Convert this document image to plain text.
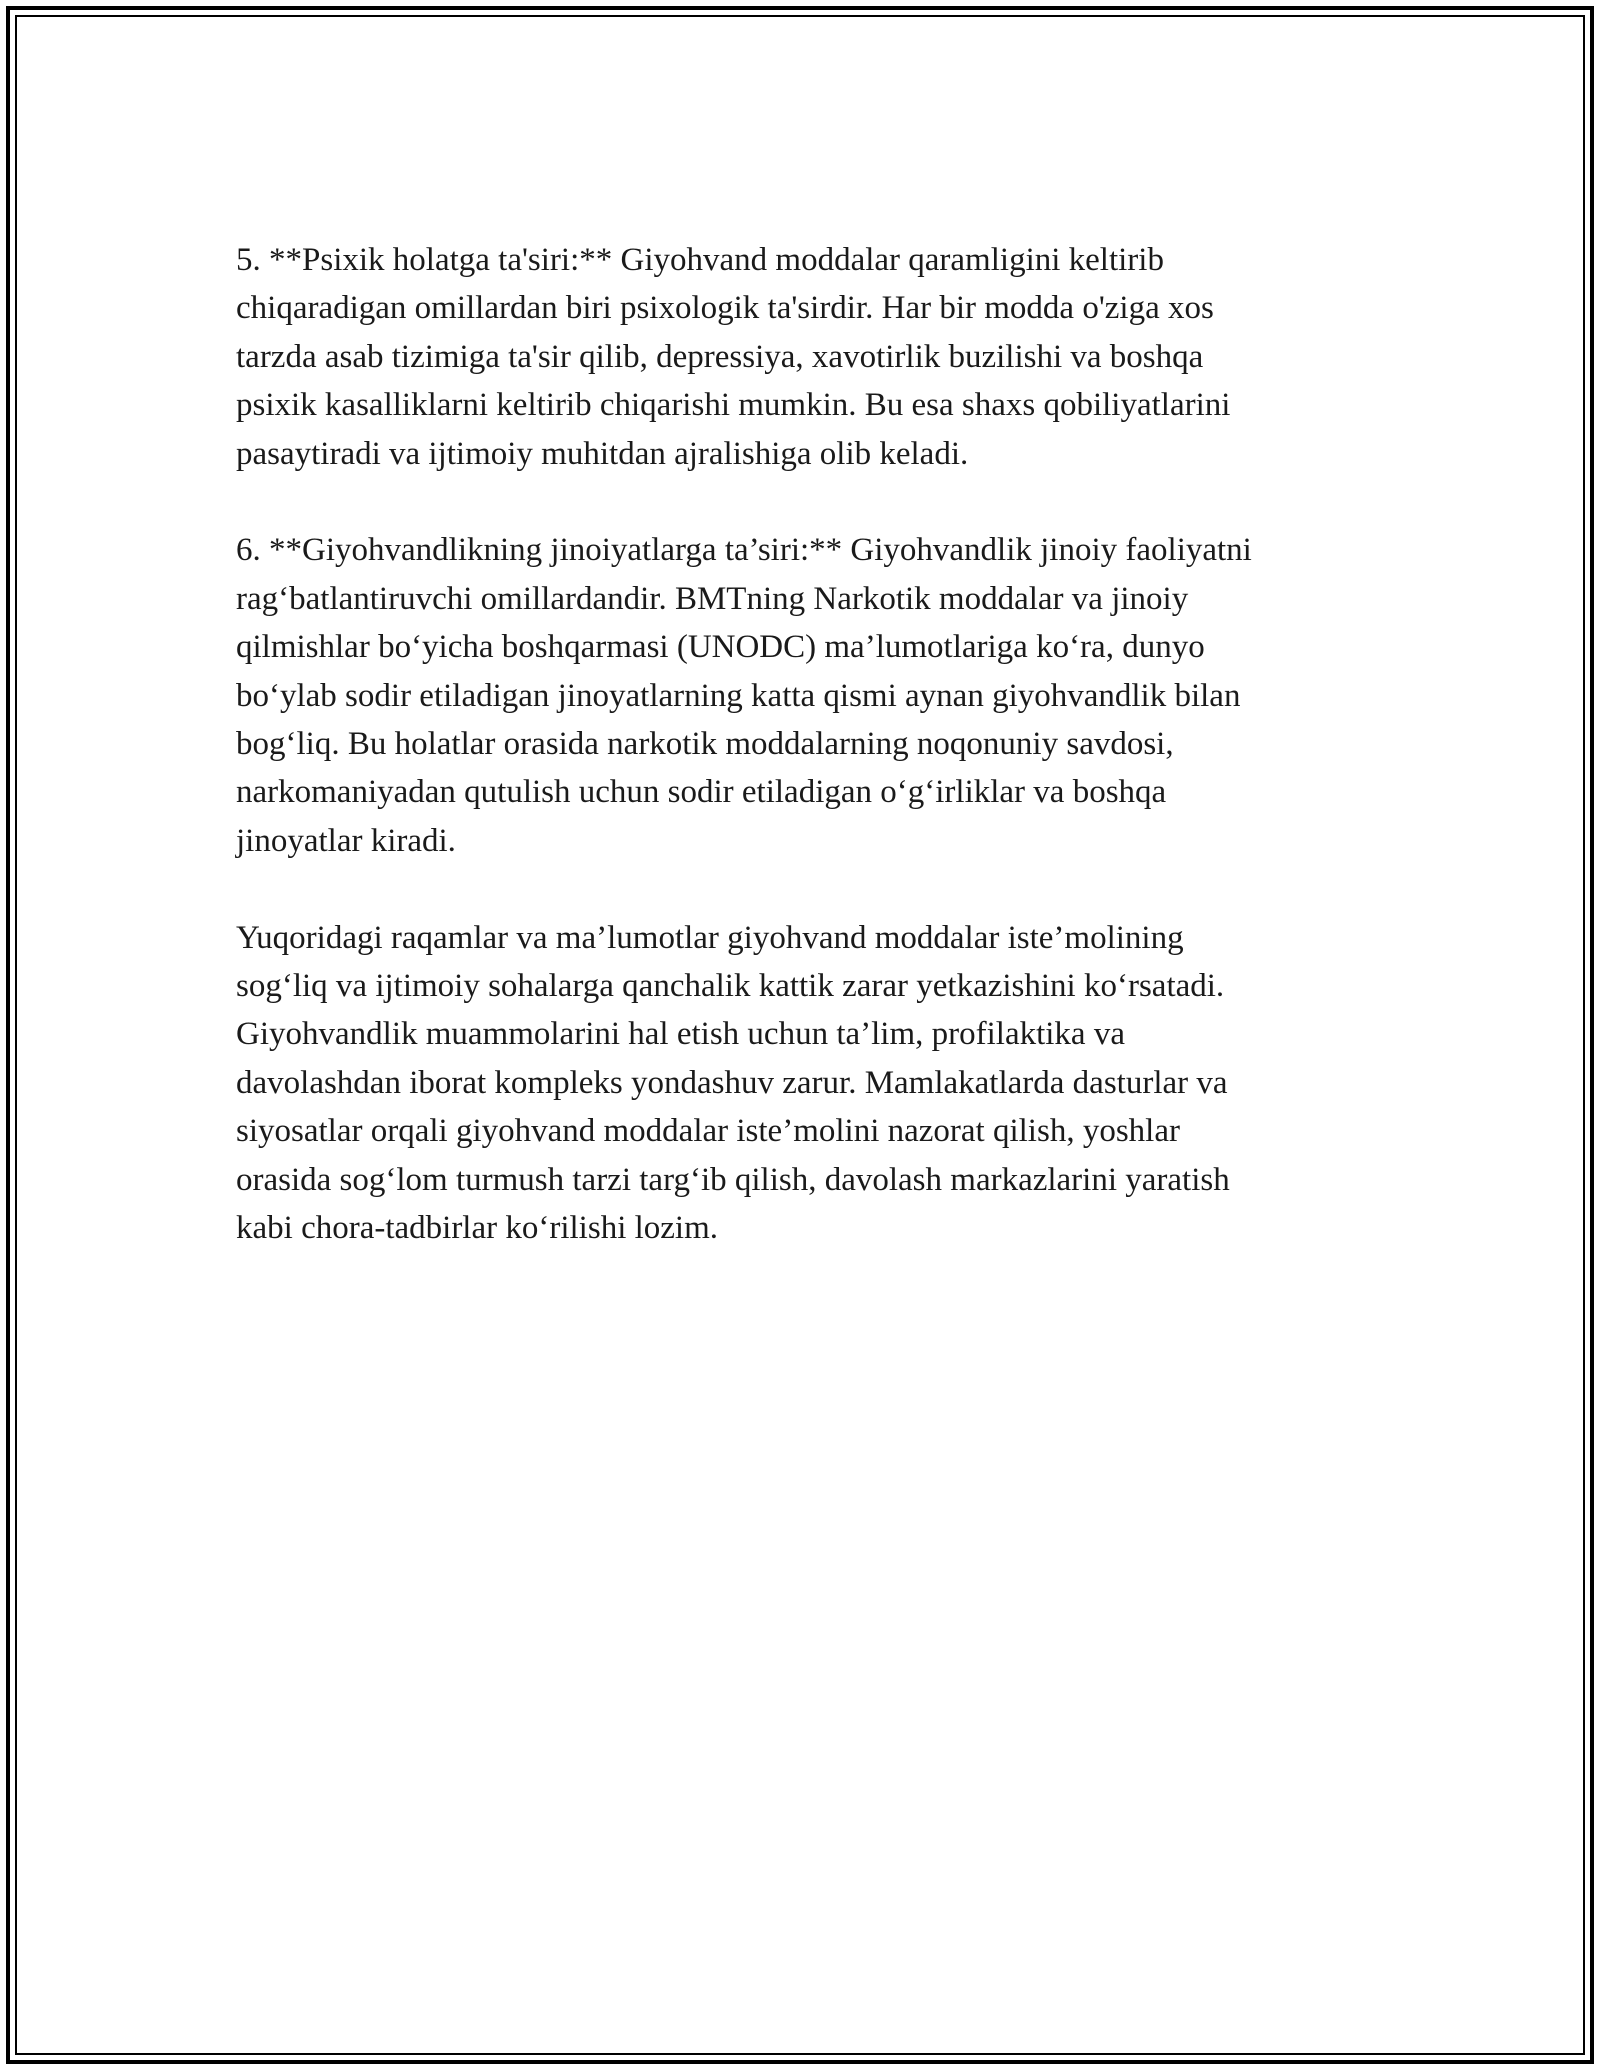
5. **Psixik holatga ta'siri:** Giyohvand moddalar qaramligini keltirib
chiqaradigan omillardan biri psixologik ta'sirdir. Har bir modda o'ziga xos
tarzda asab tizimiga ta'sir qilib, depressiya, xavotirlik buzilishi va boshqa
psixik kasalliklarni keltirib chiqarishi mumkin. Bu esa shaxs qobiliyatlarini
pasaytiradi va ijtimoiy muhitdan ajralishiga olib keladi.

6. **Giyohvandlikning jinoiyatlarga ta’siri:** Giyohvandlik jinoiy faoliyatni
rag‘batlantiruvchi omillardandir. BMTning Narkotik moddalar va jinoiy
qilmishlar bo‘yicha boshqarmasi (UNODC) ma’lumotlariga ko‘ra, dunyo
bo‘ylab sodir etiladigan jinoyatlarning katta qismi aynan giyohvandlik bilan
bog‘liq. Bu holatlar orasida narkotik moddalarning noqonuniy savdosi,
narkomaniyadan qutulish uchun sodir etiladigan o‘g‘irliklar va boshqa
jinoyatlar kiradi.

Yuqoridagi raqamlar va ma’lumotlar giyohvand moddalar iste’molining
sog‘liq va ijtimoiy sohalarga qanchalik kattik zarar yetkazishini ko‘rsatadi.
Giyohvandlik muammolarini hal etish uchun ta’lim, profilaktika va
davolashdan iborat kompleks yondashuv zarur. Mamlakatlarda dasturlar va
siyosatlar orqali giyohvand moddalar iste’molini nazorat qilish, yoshlar
orasida sog‘lom turmush tarzi targ‘ib qilish, davolash markazlarini yaratish
kabi chora-tadbirlar ko‘rilishi lozim.
